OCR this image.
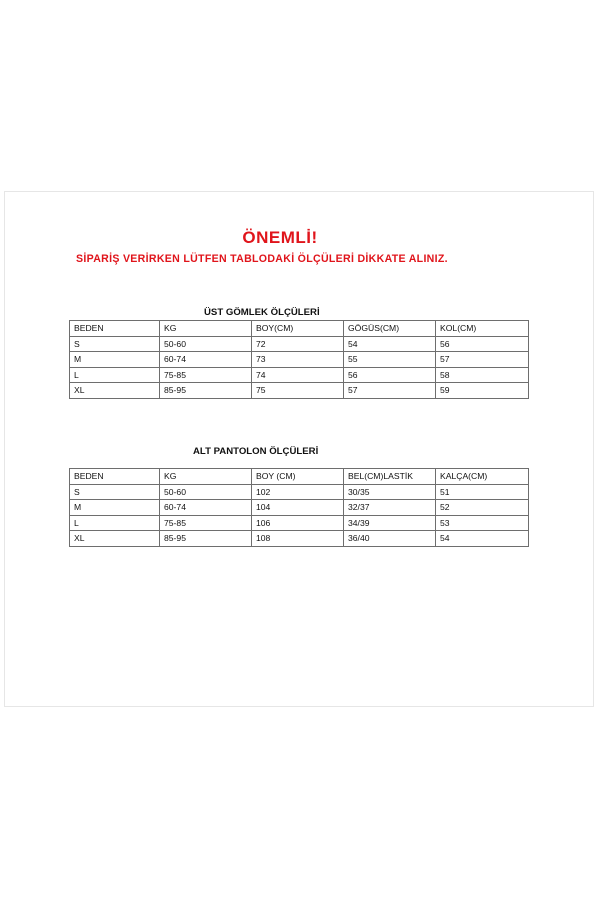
ÖNEMLİ!

SİPARİŞ VERİRKEN LÜTFEN TABLODAKİ ÖLÇÜLERİ DİKKATE ALINIZ.

ÜST GÖMLEK ÖLÇÜLERİ

BEDEN	KG	BOY(CM)	GÖGÜS(CM)	KOL(CM)
S	50-60	72	54	56
M	60-74	73	55	57
L	75-85	74	56	58
XL	85-95	75	57	59

ALT PANTOLON ÖLÇÜLERİ

BEDEN	KG	BOY (CM)	BEL(CM)LASTİK	KALÇA(CM)
S	50-60	102	30/35	51
M	60-74	104	32/37	52
L	75-85	106	34/39	53
XL	85-95	108	36/40	54
